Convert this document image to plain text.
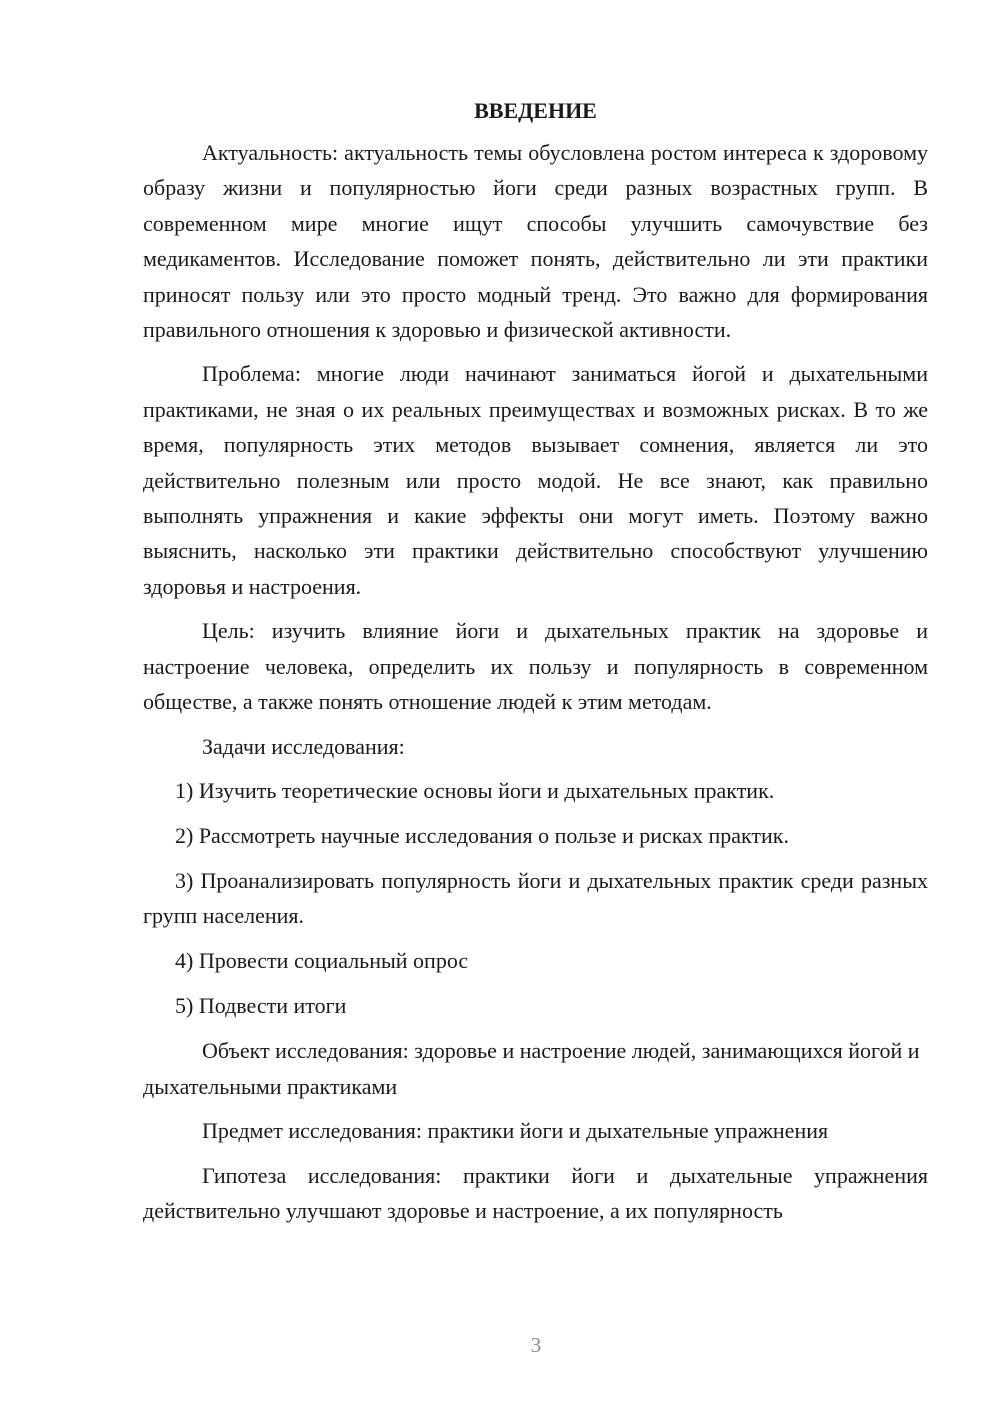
ВВЕДЕНИЕ

Актуальность: актуальность темы обусловлена ростом интереса к здоровому образу жизни и популярностью йоги среди разных возрастных групп. В современном мире многие ищут способы улучшить самочувствие без медикаментов. Исследование поможет понять, действительно ли эти практики приносят пользу или это просто модный тренд. Это важно для формирования правильного отношения к здоровью и физической активности.

Проблема: многие люди начинают заниматься йогой и дыхательными практиками, не зная о их реальных преимуществах и возможных рисках. В то же время, популярность этих методов вызывает сомнения, является ли это действительно полезным или просто модой. Не все знают, как правильно выполнять упражнения и какие эффекты они могут иметь. Поэтому важно выяснить, насколько эти практики действительно способствуют улучшению здоровья и настроения.

Цель: изучить влияние йоги и дыхательных практик на здоровье и настроение человека, определить их пользу и популярность в современном обществе, а также понять отношение людей к этим методам.

Задачи исследования:

1) Изучить теоретические основы йоги и дыхательных практик.

2) Рассмотреть научные исследования о пользе и рисках практик.

3) Проанализировать популярность йоги и дыхательных практик среди разных групп населения.

4) Провести социальный опрос

5) Подвести итоги

Объект исследования: здоровье и настроение людей, занимающихся йогой и дыхательными практиками

Предмет исследования: практики йоги и дыхательные упражнения

Гипотеза исследования: практики йоги и дыхательные упражнения действительно улучшают здоровье и настроение, а их популярность

3
